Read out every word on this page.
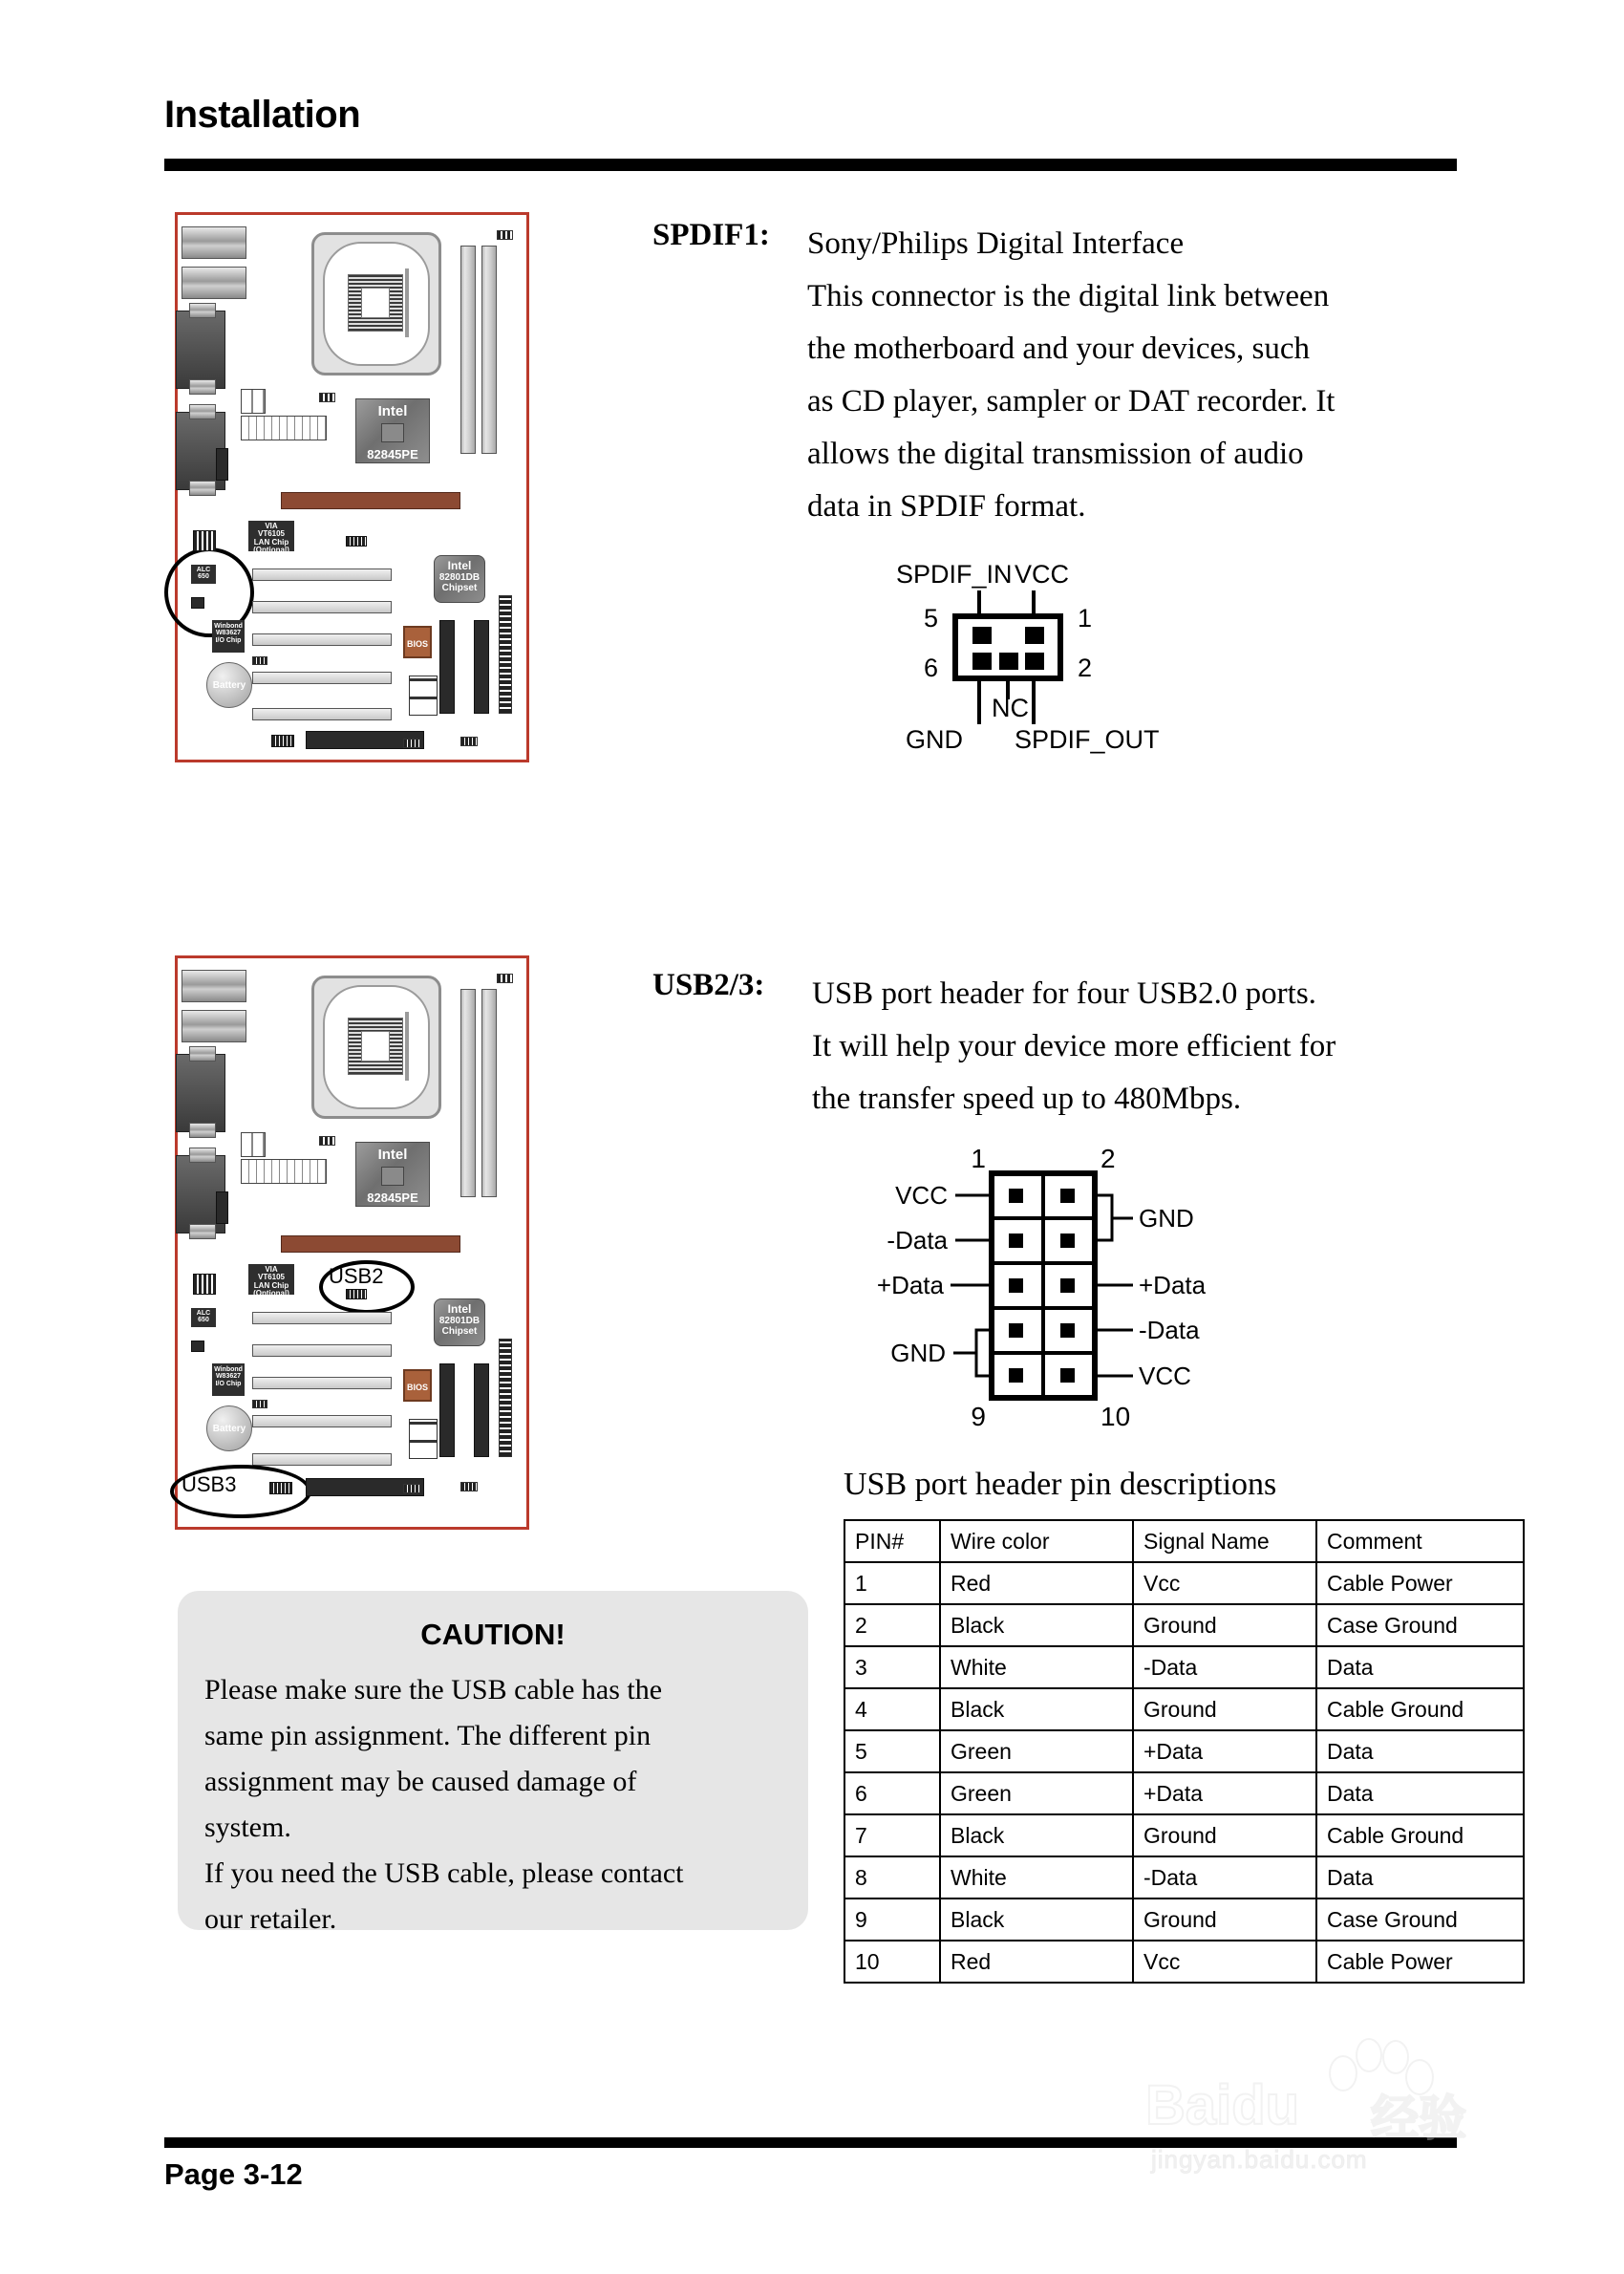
Installation
Intel
82845PE
VIA
VT6105
LAN Chip
(Optional)
ALC
650
Winbond
W83627
I/O Chip
Battery
Intel
82801DB
Chipset
BIOS
SPDIF1: Sony/Philips Digital Interface
This connector is the digital link between
the motherboard and your devices, such
as CD player, sampler or DAT recorder. It
allows the digital transmission of audio
data in SPDIF format.
SPDIF_IN VCC
5	1
6	2
NC
GND SPDIF_OUT
Intel
82845PE
VIA
VT6105
LAN Chip
(Optional)
USB2
ALC
650
Winbond
W83627
I/O Chip
Battery
Intel
82801DB
Chipset
BIOS
USB3
USB2/3: USB port header for four USB2.0 ports.
It will help your device more efficient for
the transfer speed up to 480Mbps.
VCC
-Data
+Data
GND
GND
+Data
-Data
VCC
1	2
9	10
USB port header pin descriptions
PIN#	Wire color	Signal Name	Comment
1	Red	Vcc	Cable Power
2	Black	Ground	Case Ground
3	White	-Data	Data
4	Black	Ground	Cable Ground
5	Green	+Data	Data
6	Green	+Data	Data
7	Black	Ground	Cable Ground
8	White	-Data	Data
9	Black	Ground	Case Ground
10	Red	Vcc	Cable Power
CAUTION!
Please make sure the USB cable has the
same pin assignment. The different pin
assignment may be caused damage of
system.
If you need the USB cable, please contact
our retailer.
Page 3-12
Baidu 经验
jingyan.baidu.com
